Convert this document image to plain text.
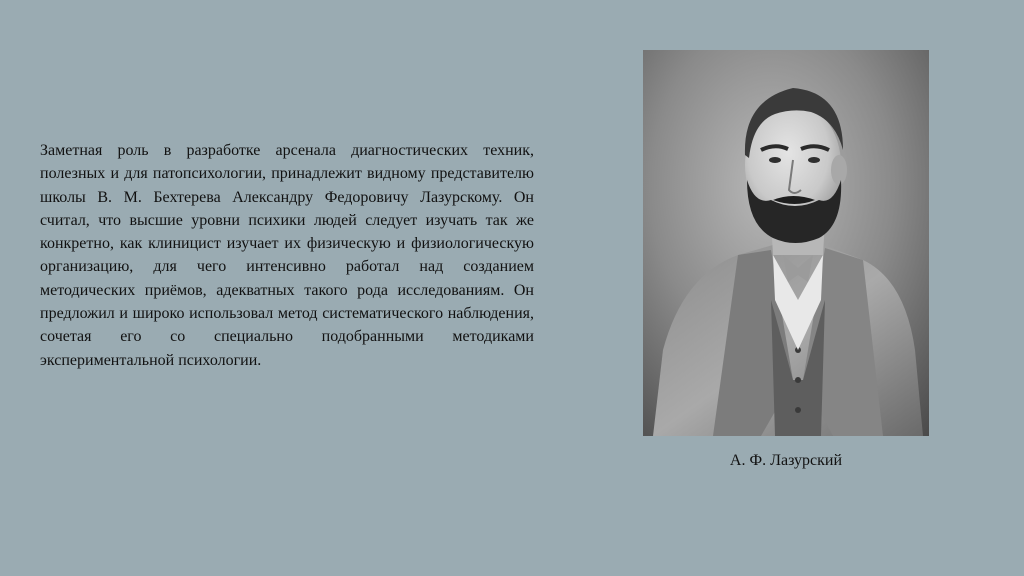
Заметная роль в разработке арсенала диагностических техник, полезных и для патопсихологии, принадлежит видному представителю школы В. М. Бехтерева Александру Федоровичу Лазурскому. Он считал, что высшие уровни психики людей следует изучать так же конкретно, как клиницист изучает их физическую и физиологическую организацию, для чего интенсивно работал над созданием методических приёмов, адекватных такого рода исследованиям. Он предложил и широко использовал метод систематического наблюдения, сочетая его со специально подобранными методиками экспериментальной психологии.

А. Ф. Лазурский
